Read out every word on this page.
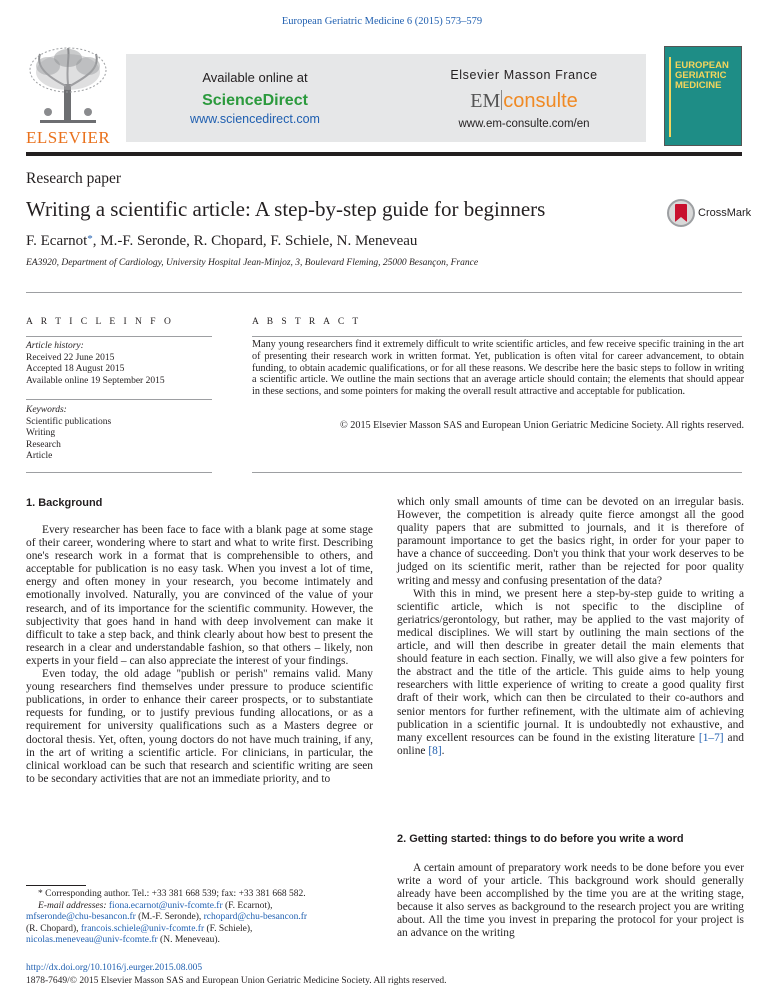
European Geriatric Medicine 6 (2015) 573–579
ELSEVIER
Available online at
ScienceDirect
www.sciencedirect.com
Elsevier Masson France
EM consulte
www.em-consulte.com/en
EUROPEAN
GERIATRIC
MEDICINE
Research paper
Writing a scientific article: A step-by-step guide for beginners	CrossMark
F. Ecarnot*, M.-F. Seronde, R. Chopard, F. Schiele, N. Meneveau
EA3920, Department of Cardiology, University Hospital Jean-Minjoz, 3, Boulevard Fleming, 25000 Besançon, France
A R T I C L E I N F O	A B S T R A C T
Article history:
Received 22 June 2015
Accepted 18 August 2015
Available online 19 September 2015
Keywords:
Scientific publications
Writing
Research
Article
Many young researchers find it extremely difficult to write scientific articles, and few receive specific training in the art of presenting their research work in written format. Yet, publication is often vital for career advancement, to obtain funding, to obtain academic qualifications, or for all these reasons. We describe here the basic steps to follow in writing a scientific article. We outline the main sections that an average article should contain; the elements that should appear in these sections, and some pointers for making the overall result attractive and acceptable for publication.
© 2015 Elsevier Masson SAS and European Union Geriatric Medicine Society. All rights reserved.
1. Background

Every researcher has been face to face with a blank page at some stage of their career, wondering where to start and what to write first. Describing one's research work in a format that is comprehensible to others, and acceptable for publication is no easy task. When you invest a lot of time, energy and often money in your research, you become intimately and emotionally involved. Naturally, you are convinced of the value of your research, and of its importance for the scientific community. However, the subjectivity that goes hand in hand with deep involvement can make it difficult to take a step back, and think clearly about how best to present the research in a clear and understandable fashion, so that others – likely, non experts in your field – can also appreciate the interest of your findings.

Even today, the old adage ''publish or perish'' remains valid. Many young researchers find themselves under pressure to produce scientific publications, in order to enhance their career prospects, or to substantiate requests for funding, or to justify previous funding allocations, or as a requirement for university qualifications such as a Masters degree or doctoral thesis. Yet, often, young doctors do not have much training, if any, in the art of writing a scientific article. For clinicians, in particular, the clinical workload can be such that research and scientific writing are seen to be secondary activities that are not an immediate priority, and to

which only small amounts of time can be devoted on an irregular basis. However, the competition is already quite fierce amongst all the good quality papers that are submitted to journals, and it is therefore of paramount importance to get the basics right, in order for your paper to have a chance of succeeding. Don't you think that your work deserves to be judged on its scientific merit, rather than be rejected for poor quality writing and messy and confusing presentation of the data?

With this in mind, we present here a step-by-step guide to writing a scientific article, which is not specific to the discipline of geriatrics/gerontology, but rather, may be applied to the vast majority of medical disciplines. We will start by outlining the main sections of the article, and will then describe in greater detail the main elements that should feature in each section. Finally, we will also give a few pointers for the abstract and the title of the article. This guide aims to help young researchers with little experience of writing to create a good quality first draft of their work, which can then be circulated to their co-authors and senior mentors for further refinement, with the ultimate aim of achieving publication in a scientific journal. It is undoubtedly not exhaustive, and many excellent resources can be found in the existing literature [1–7] and online [8].

2. Getting started: things to do before you write a word

A certain amount of preparatory work needs to be done before you ever write a word of your article. This background work should generally already have been accomplished by the time you are at the writing stage, because it also serves as background to the research project you are writing about. All the time you invest in preparing the protocol for your project is an advance on the writing

* Corresponding author. Tel.: +33 381 668 539; fax: +33 381 668 582.
E-mail addresses: fiona.ecarnot@univ-fcomte.fr (F. Ecarnot),
mfseronde@chu-besancon.fr (M.-F. Seronde), rchopard@chu-besancon.fr
(R. Chopard), francois.schiele@univ-fcomte.fr (F. Schiele),
nicolas.meneveau@univ-fcomte.fr (N. Meneveau).
http://dx.doi.org/10.1016/j.eurger.2015.08.005
1878-7649/© 2015 Elsevier Masson SAS and European Union Geriatric Medicine Society. All rights reserved.
